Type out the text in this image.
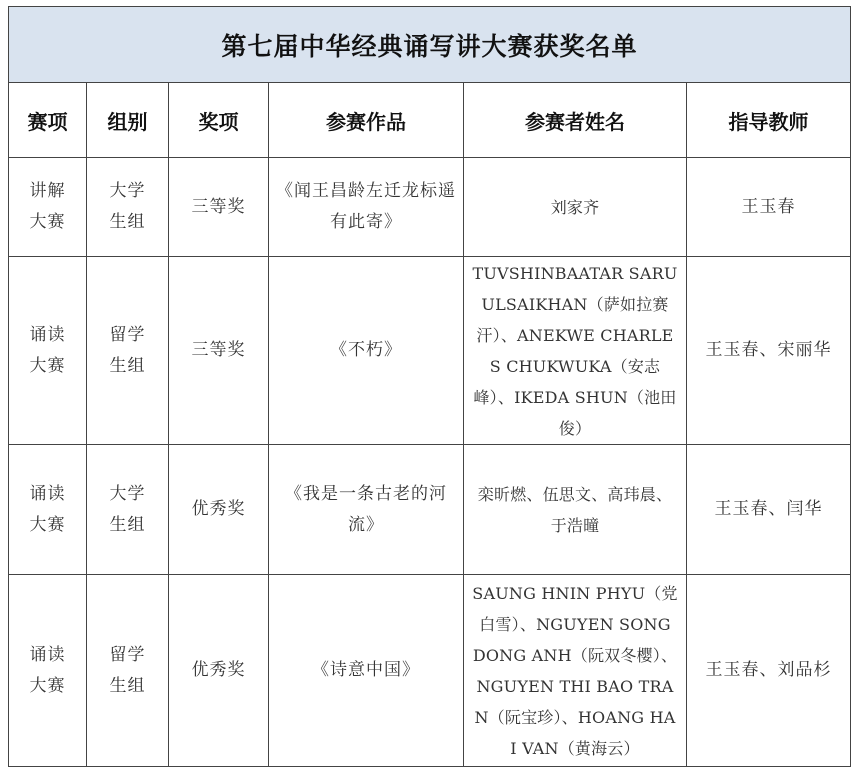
第七届中华经典诵写讲大赛获奖名单					
赛项	组别	奖项	参赛作品	参赛者姓名	指导教师
讲解大赛	大学生组	三等奖	《闻王昌龄左迁龙标遥有此寄》	刘家齐	王玉春
诵读大赛	留学生组	三等奖	《不朽》	TUVSHINBAATAR SARUULSAIKHAN（萨如拉赛汗）、ANEKWE CHARLES CHUKWUKA（安志峰）、IKEDA SHUN（池田俊）	王玉春、宋丽华
诵读大赛	大学生组	优秀奖	《我是一条古老的河流》	栾昕燃、伍思文、高玮晨、于浩曈	王玉春、闫华
诵读大赛	留学生组	优秀奖	《诗意中国》	SAUNG HNIN PHYU（党白雪）、NGUYEN SONG DONG ANH（阮双冬樱）、NGUYEN THI BAO TRAN（阮宝珍）、HOANG HAI VAN（黄海云）	王玉春、刘品杉
